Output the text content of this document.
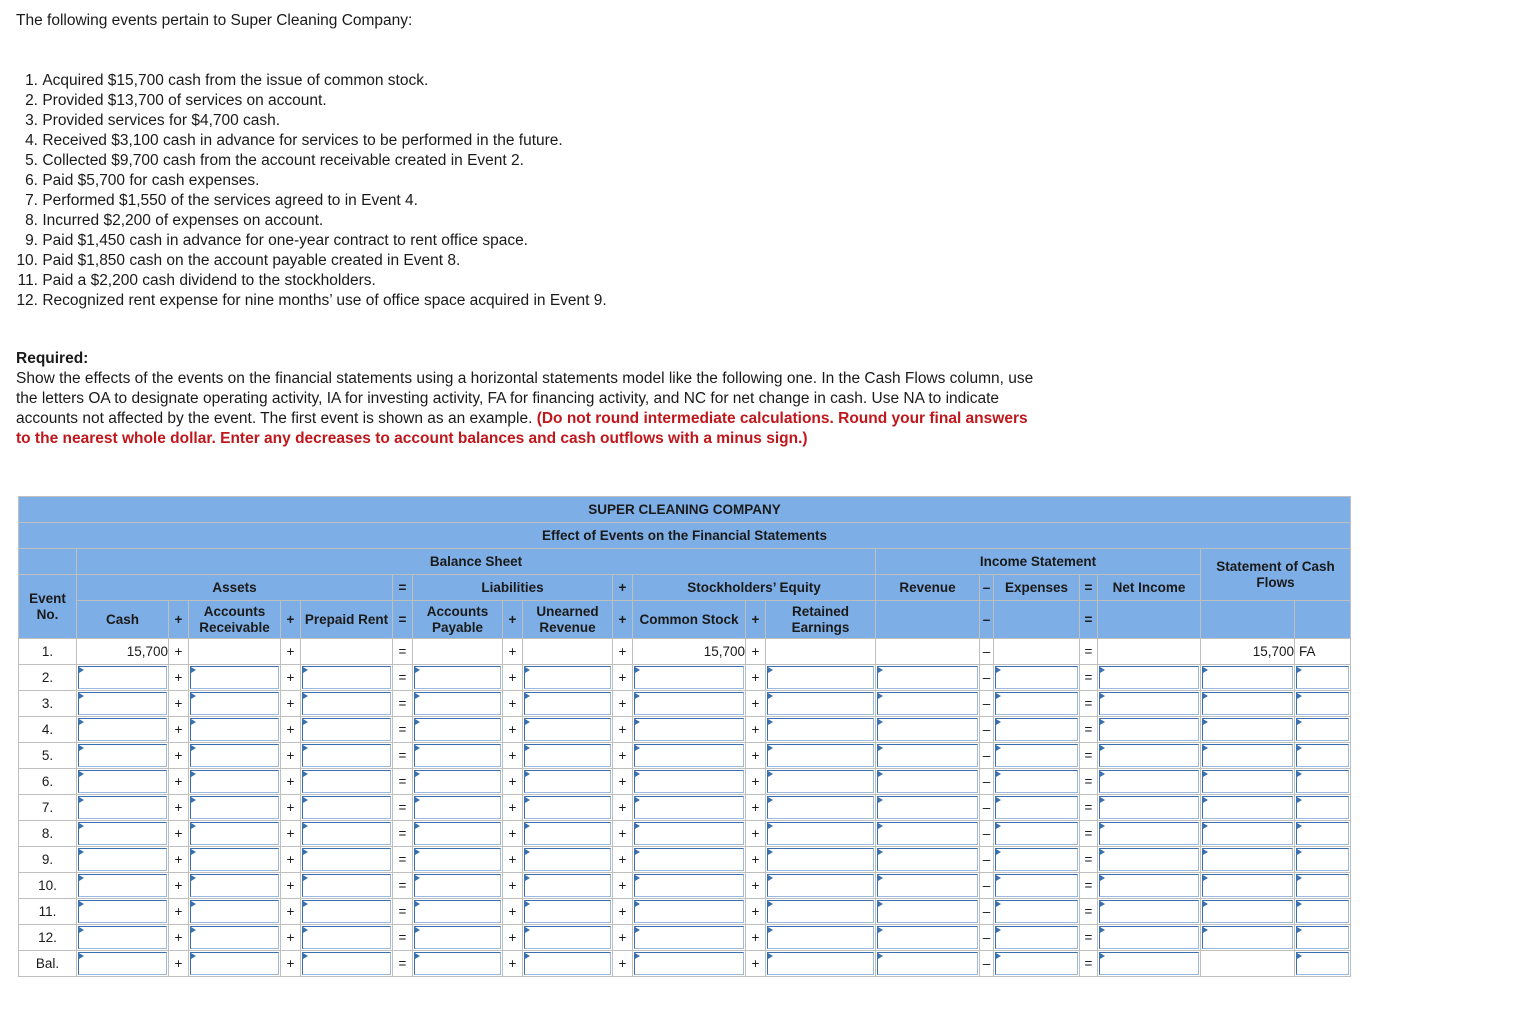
The following events pertain to Super Cleaning Company:
1.
Acquired $15,700 cash from the issue of common stock.
2.
Provided $13,700 of services on account.
3.
Provided services for $4,700 cash.
4.
Received $3,100 cash in advance for services to be performed in the future.
5.
Collected $9,700 cash from the account receivable created in Event 2.
6.
Paid $5,700 for cash expenses.
7.
Performed $1,550 of the services agreed to in Event 4.
8.
Incurred $2,200 of expenses on account.
9.
Paid $1,450 cash in advance for one-year contract to rent office space.
10.
Paid $1,850 cash on the account payable created in Event 8.
11.
Paid a $2,200 cash dividend to the stockholders.
12.
Recognized rent expense for nine months’ use of office space acquired in Event 9.
Required:
Show the effects of the events on the financial statements using a horizontal statements model like the following one. In the Cash Flows column, use the letters OA to designate operating activity, IA for investing activity, FA for financing activity, and NC for net change in cash. Use NA to indicate accounts not affected by the event. The first event is shown as an example. (Do not round intermediate calculations. Round your final answers to the nearest whole dollar. Enter any decreases to account balances and cash outflows with a minus sign.)
SUPER CLEANING COMPANY																				
Effect of Events on the Financial Statements																				
	Balance Sheet													Income Statement					Statement of Cash Flows	
Event No.	Assets					=	Liabilities			+	Stockholders’ Equity			Revenue	–	Expenses	=	Net Income		
	Cash	+	Accounts Receivable	+	Prepaid Rent	=	Accounts Payable	+	Unearned Revenue	+	Common Stock	+	Retained Earnings		–		=			
1.	15,700	+		+		=		+		+	15,700	+			–		=		15,700	FA
2.		+		+		=		+		+		+			–		=	

3.		+		+		=		+		+		+			–		=	

4.		+		+		=		+		+		+			–		=	

5.		+		+		=		+		+		+			–		=	

6.		+		+		=		+		+		+			–		=	

7.		+		+		=		+		+		+			–		=	

8.		+		+		=		+		+		+			–		=	

9.		+		+		=		+		+		+			–		=	

10.		+		+		=		+		+		+			–		=	

11.		+		+		=		+		+		+			–		=	

12.		+		+		=		+		+		+			–		=	

Bal.		+		+		=		+		+		+			–		=	
